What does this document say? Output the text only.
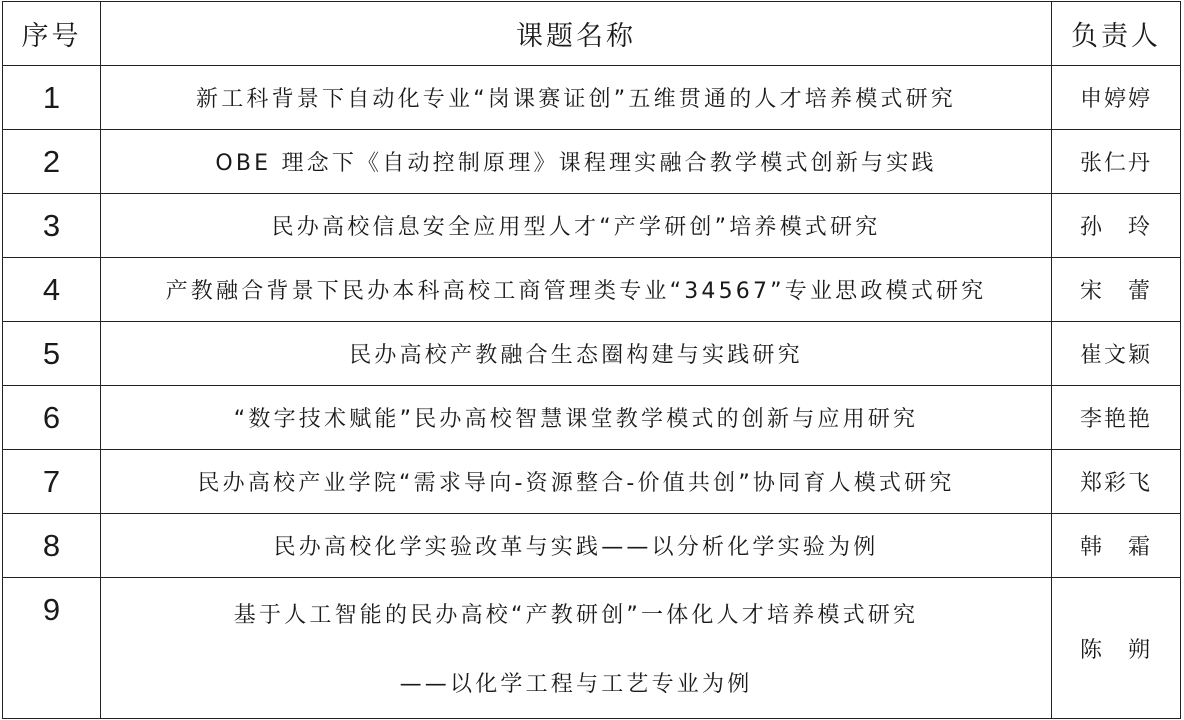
序号	课题名称	负责人
1	新工科背景下自动化专业“岗课赛证创”五维贯通的人才培养模式研究	申婷婷
2	OBE 理念下《自动控制原理》课程理实融合教学模式创新与实践	张仁丹
3	民办高校信息安全应用型人才“产学研创”培养模式研究	孙　玲
4	产教融合背景下民办本科高校工商管理类专业“34567”专业思政模式研究	宋　蕾
5	民办高校产教融合生态圈构建与实践研究	崔文颖
6	“数字技术赋能”民办高校智慧课堂教学模式的创新与应用研究	李艳艳
7	民办高校产业学院“需求导向-资源整合-价值共创”协同育人模式研究	郑彩飞
8	民办高校化学实验改革与实践——以分析化学实验为例	韩　霜
9	基于人工智能的民办高校“产教研创”一体化人才培养模式研究
——以化学工程与工艺专业为例	陈　朔
